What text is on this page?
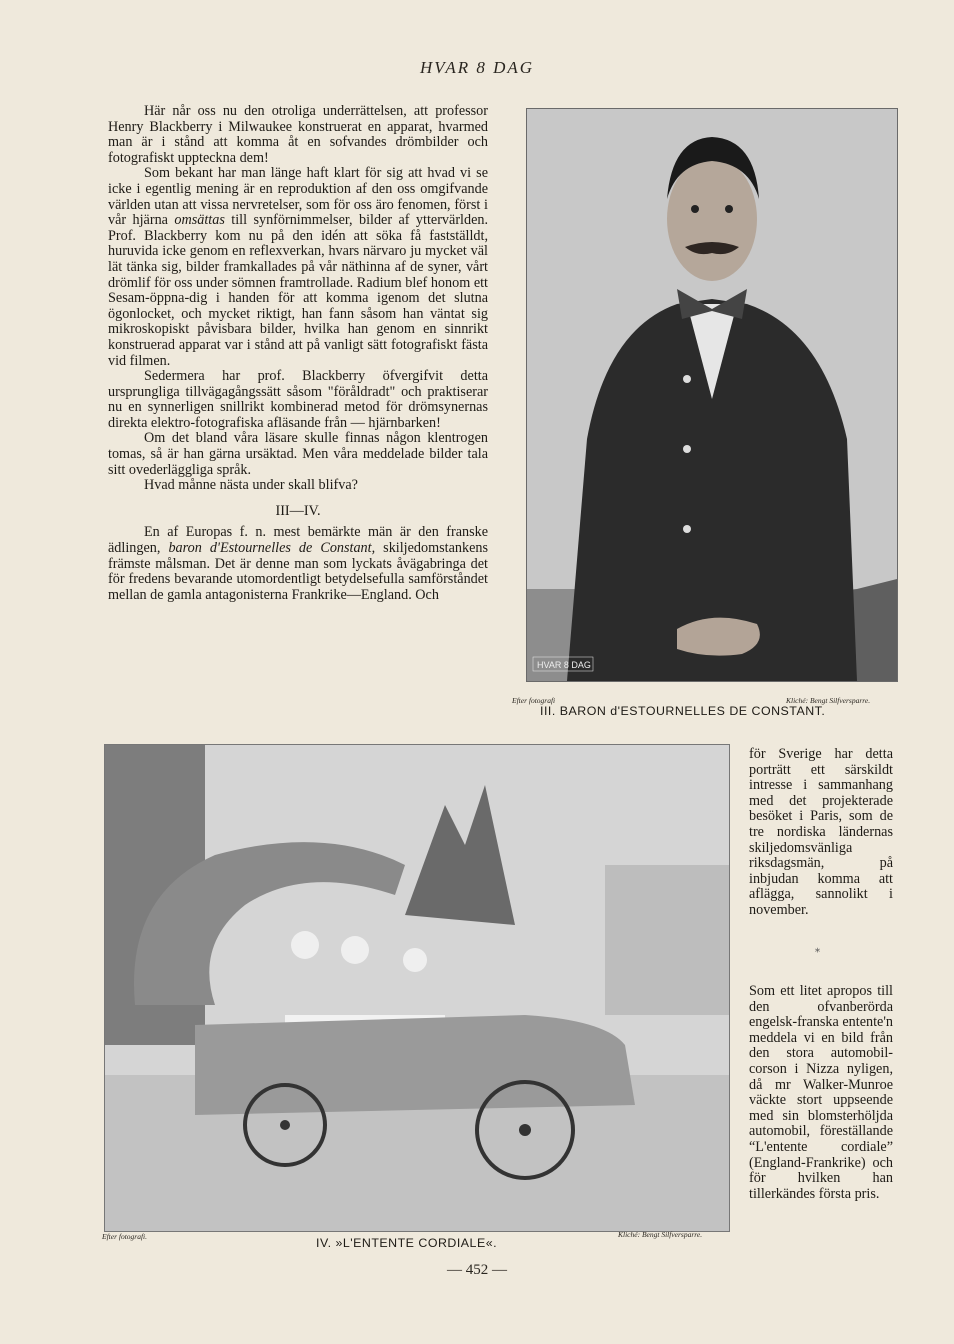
HVAR 8 DAG

Här når oss nu den otroliga underrättelsen, att professor Henry Blackberry i Milwaukee konstruerat en apparat, hvarmed man är i stånd att komma åt en sofvandes drömbilder och fotografiskt uppteckna dem!

Som bekant har man länge haft klart för sig att hvad vi se icke i egentlig mening är en reproduktion af den oss omgifvande världen utan att vissa nervretelser, som för oss äro fenomen, först i vår hjärna omsättas till synförnimmelser, bilder af yttervärlden. Prof. Blackberry kom nu på den idén att söka få fastställdt, huruvida icke genom en reflexverkan, hvars närvaro ju mycket väl lät tänka sig, bilder framkallades på vår näthinna af de syner, vårt drömlif för oss under sömnen framtrollade. Radium blef honom ett Sesam-öppna-dig i handen för att komma igenom det slutna ögonlocket, och mycket riktigt, han fann såsom han väntat sig mikroskopiskt påvisbara bilder, hvilka han genom en sinnrikt konstruerad apparat var i stånd att på vanligt sätt fotografiskt fästa vid filmen.

Sedermera har prof. Blackberry öfvergifvit detta ursprungliga tillvägagångssätt såsom "föråldradt" och praktiserar nu en synnerligen snillrikt kombinerad metod för drömsynernas direkta elektro-fotografiska afläsande från — hjärnbarken!

Om det bland våra läsare skulle finnas någon klentrogen tomas, så är han gärna ursäktad. Men våra meddelade bilder tala sitt ovederläggliga språk.

Hvad månne nästa under skall blifva?

III—IV.

En af Europas f. n. mest bemärkte män är den franske ädlingen, baron d'Estournelles de Constant, skiljedomstankens främste målsman. Det är denne man som lyckats åvägabringa det för fredens bevarande utomordentligt betydelsefulla samförståndet mellan de gamla antagonisterna Frankrike—England. Och

HVAR 8 DAG
Efter fotografi	Kliché: Bengt Silfversparre.
III. BARON d'ESTOURNELLES DE CONSTANT.

för Sverige har detta porträtt ett särskildt intresse i sammanhang med det projekterade besöket i Paris, som de tre nordiska ländernas skiljedomsvänliga riksdagsmän, på inbjudan komma att aflägga, sannolikt i november.

⁎

Som ett litet apropos till den ofvanberörda engelsk-franska entente'n meddela vi en bild från den stora automobil-corson i Nizza nyligen, då mr Walker-Munroe väckte stort uppseende med sin blomsterhöljda automobil, föreställande “L'entente cordiale” (England-Frankrike) och för hvilken han tillerkändes första pris.

Efter fotografi.	Kliché: Bengt Silfversparre.
IV. »L'ENTENTE CORDIALE«.
— 452 —
